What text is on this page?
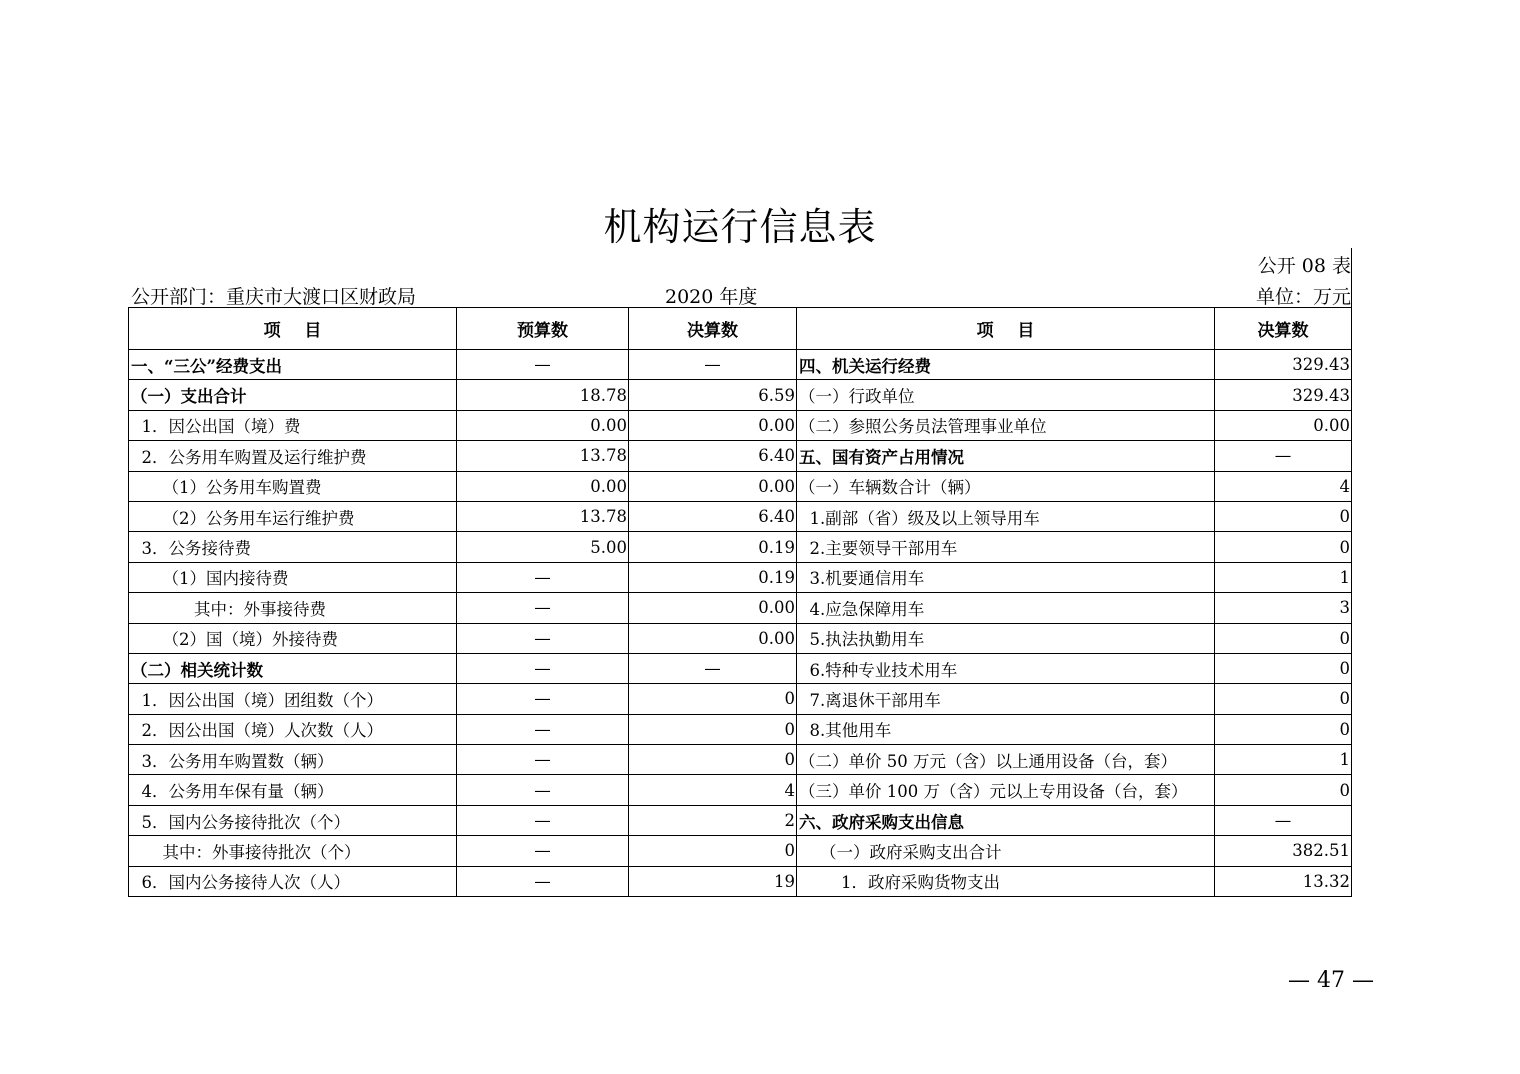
机构运行信息表
公开 08 表
公开部门：重庆市大渡口区财政局	2020 年度	单位：万元
项    目	预算数	决算数	项    目	决算数
一、“三公”经费支出	—	—	四、机关运行经费	329.43
（一）支出合计	18.78	6.59	（一）行政单位	329.43
1．因公出国（境）费	0.00	0.00	（二）参照公务员法管理事业单位	0.00
2．公务用车购置及运行维护费	13.78	6.40	五、国有资产占用情况	—
（1）公务用车购置费	0.00	0.00	（一）车辆数合计（辆）	4
（2）公务用车运行维护费	13.78	6.40	1.副部（省）级及以上领导用车	0
3．公务接待费	5.00	0.19	2.主要领导干部用车	0
（1）国内接待费	—	0.19	3.机要通信用车	1
其中：外事接待费	—	0.00	4.应急保障用车	3
（2）国（境）外接待费	—	0.00	5.执法执勤用车	0
（二）相关统计数	—	—	6.特种专业技术用车	0
1．因公出国（境）团组数（个）	—	0	7.离退休干部用车	0
2．因公出国（境）人次数（人）	—	0	8.其他用车	0
3．公务用车购置数（辆）	—	0	（二）单价 50 万元（含）以上通用设备（台，套）	1
4．公务用车保有量（辆）	—	4	（三）单价 100 万（含）元以上专用设备（台，套）	0
5．国内公务接待批次（个）	—	2	六、政府采购支出信息	—
其中：外事接待批次（个）	—	0	（一）政府采购支出合计	382.51
6．国内公务接待人次（人）	—	19	1．政府采购货物支出	13.32
— 47 —
